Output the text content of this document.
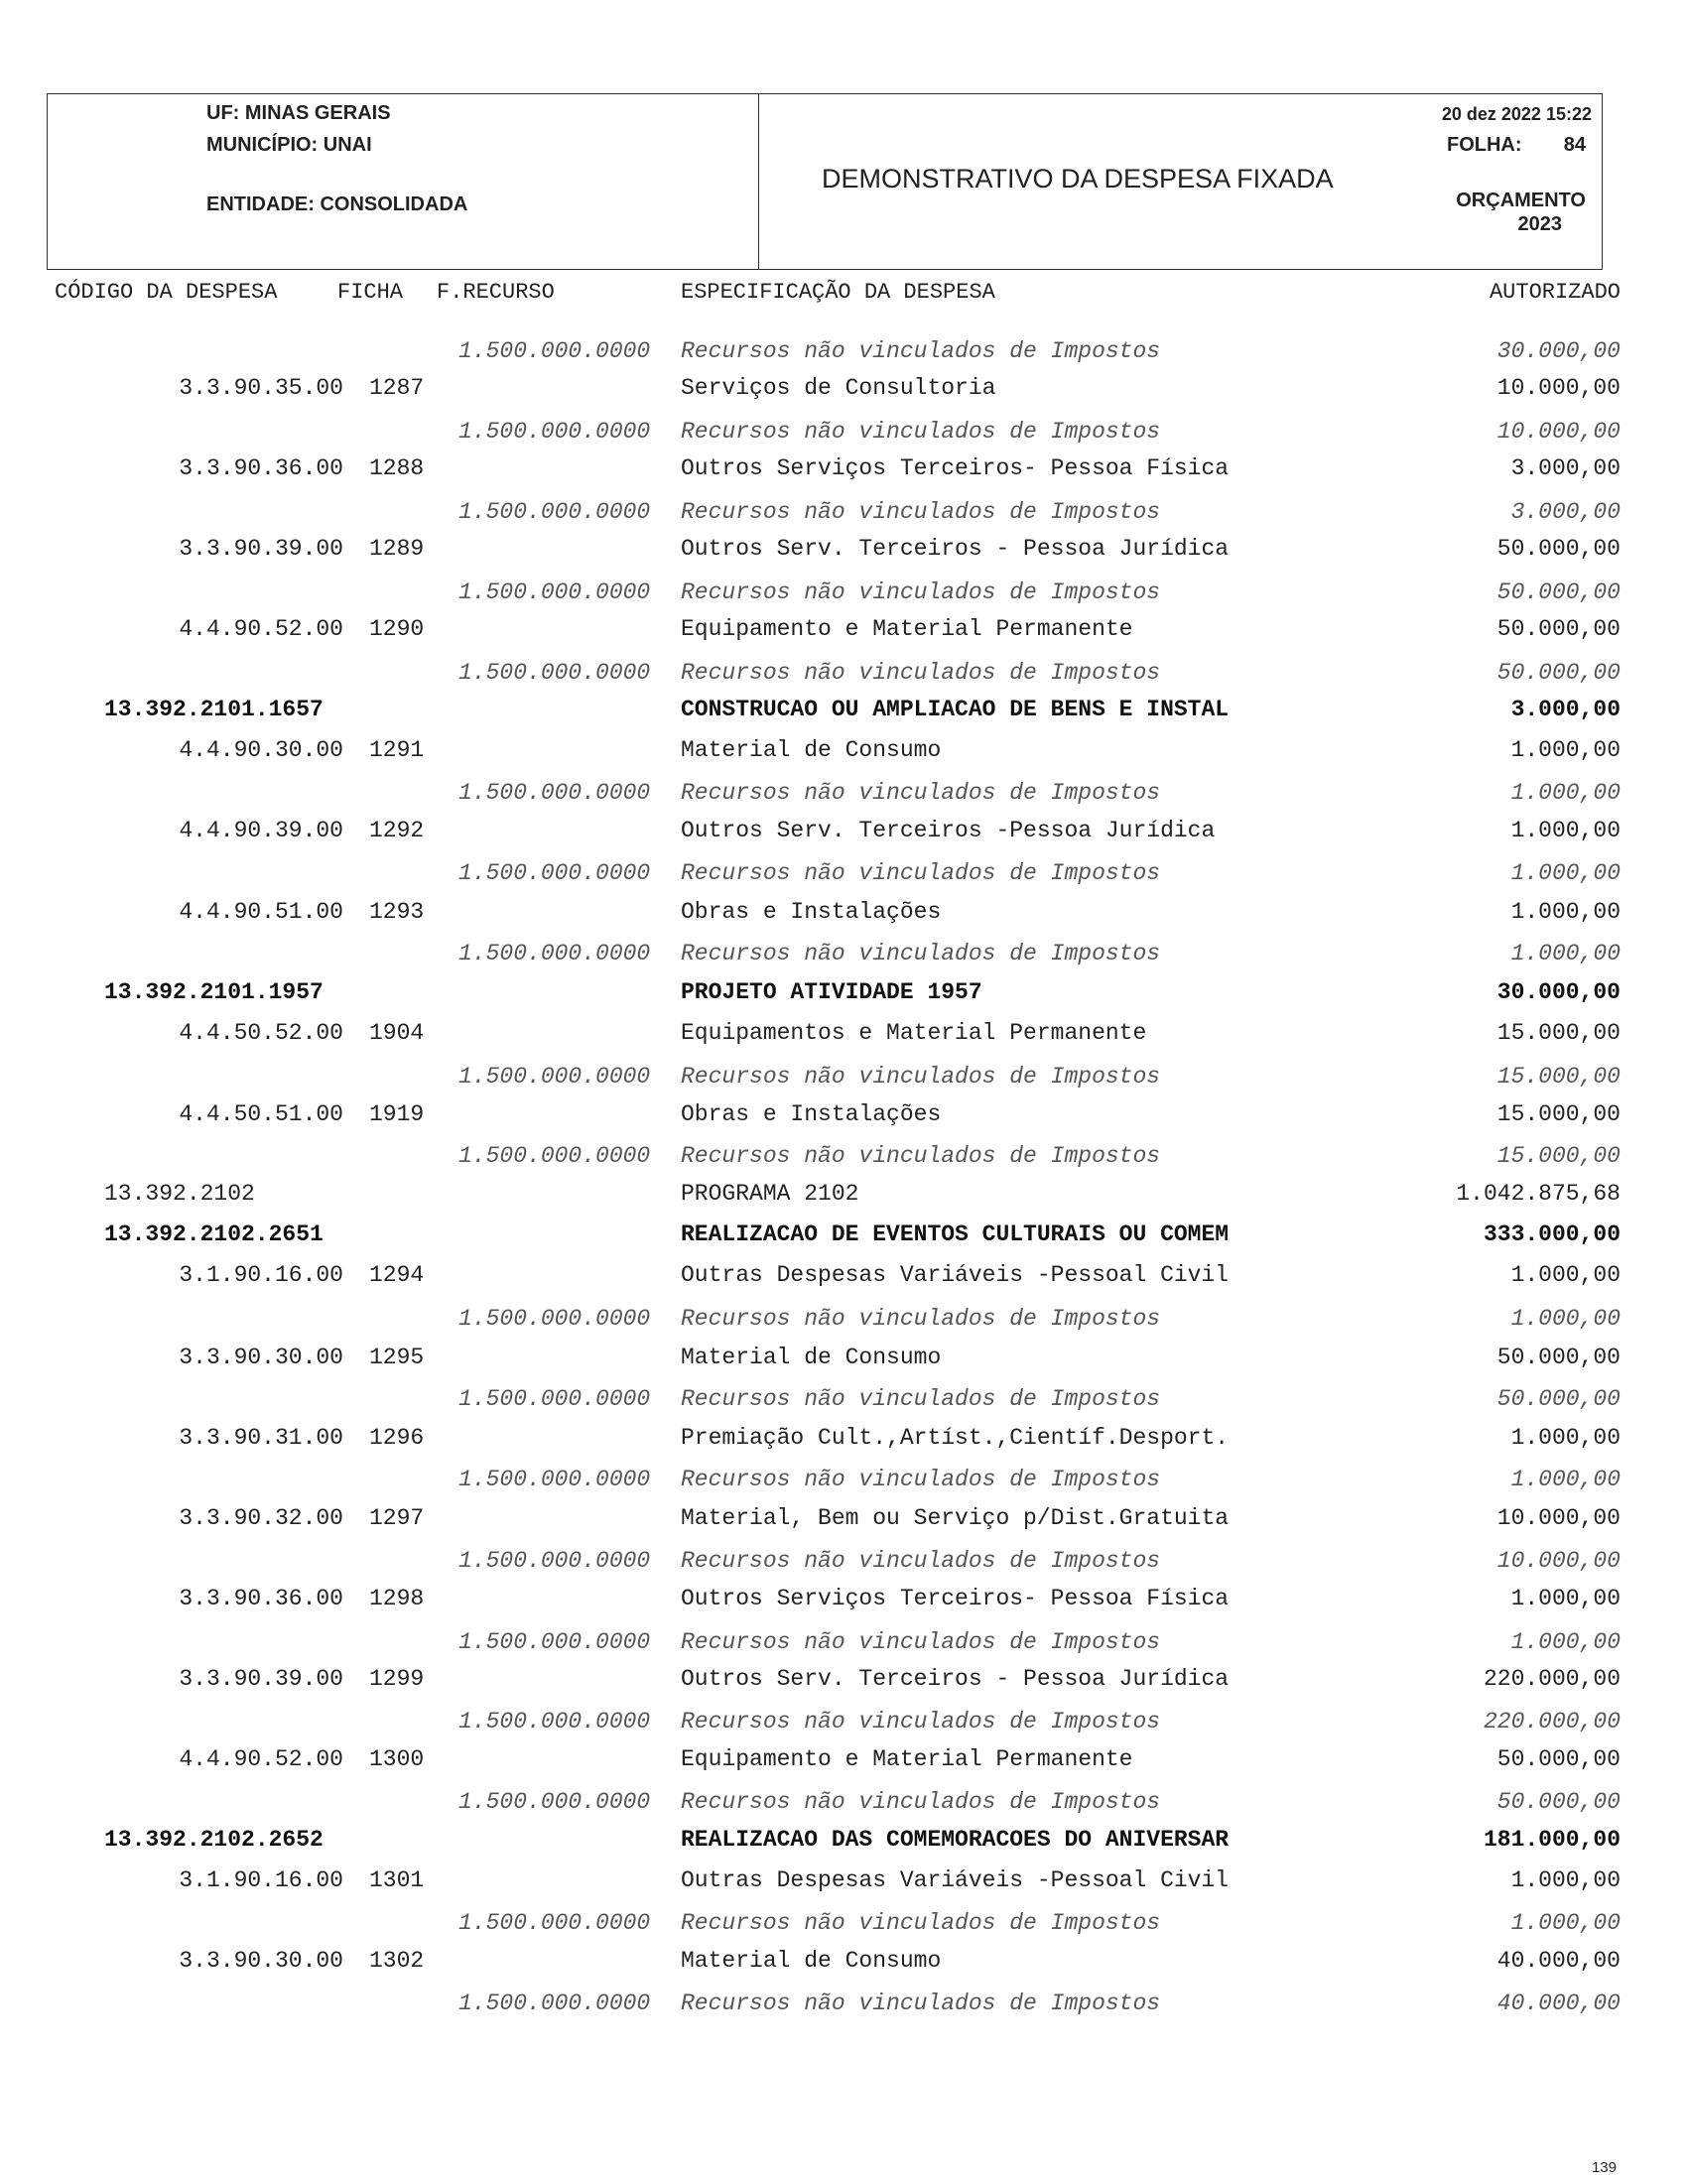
UF: MINAS GERAIS
MUNICÍPIO: UNAI
ENTIDADE: CONSOLIDADA
DEMONSTRATIVO DA DESPESA FIXADA
20 dez 2022 15:22
FOLHA: 84
ORÇAMENTO
2023
CÓDIGO DA DESPESA	FICHA F.RECURSO	ESPECIFICAÇÃO DA DESPESA	AUTORIZADO
1.500.000.0000 Recursos não vinculados de Impostos	30.000,00
3.3.90.35.00 1287	Serviços de Consultoria	10.000,00
1.500.000.0000 Recursos não vinculados de Impostos	10.000,00
3.3.90.36.00 1288	Outros Serviços Terceiros- Pessoa Física	3.000,00
1.500.000.0000 Recursos não vinculados de Impostos	3.000,00
3.3.90.39.00 1289	Outros Serv. Terceiros - Pessoa Jurídica	50.000,00
1.500.000.0000 Recursos não vinculados de Impostos	50.000,00
4.4.90.52.00 1290	Equipamento e Material Permanente	50.000,00
1.500.000.0000 Recursos não vinculados de Impostos	50.000,00
13.392.2101.1657	CONSTRUCAO OU AMPLIACAO DE BENS E INSTAL	3.000,00
4.4.90.30.00 1291	Material de Consumo	1.000,00
1.500.000.0000 Recursos não vinculados de Impostos	1.000,00
4.4.90.39.00 1292	Outros Serv. Terceiros -Pessoa Jurídica	1.000,00
1.500.000.0000 Recursos não vinculados de Impostos	1.000,00
4.4.90.51.00 1293	Obras e Instalações	1.000,00
1.500.000.0000 Recursos não vinculados de Impostos	1.000,00
13.392.2101.1957	PROJETO ATIVIDADE 1957	30.000,00
4.4.50.52.00 1904	Equipamentos e Material Permanente	15.000,00
1.500.000.0000 Recursos não vinculados de Impostos	15.000,00
4.4.50.51.00 1919	Obras e Instalações	15.000,00
1.500.000.0000 Recursos não vinculados de Impostos	15.000,00
13.392.2102	PROGRAMA 2102	1.042.875,68
13.392.2102.2651	REALIZACAO DE EVENTOS CULTURAIS OU COMEM	333.000,00
3.1.90.16.00 1294	Outras Despesas Variáveis -Pessoal Civil	1.000,00
1.500.000.0000 Recursos não vinculados de Impostos	1.000,00
3.3.90.30.00 1295	Material de Consumo	50.000,00
1.500.000.0000 Recursos não vinculados de Impostos	50.000,00
3.3.90.31.00 1296	Premiação Cult.,Artíst.,Científ.Desport.	1.000,00
1.500.000.0000 Recursos não vinculados de Impostos	1.000,00
3.3.90.32.00 1297	Material, Bem ou Serviço p/Dist.Gratuita	10.000,00
1.500.000.0000 Recursos não vinculados de Impostos	10.000,00
3.3.90.36.00 1298	Outros Serviços Terceiros- Pessoa Física	1.000,00
1.500.000.0000 Recursos não vinculados de Impostos	1.000,00
3.3.90.39.00 1299	Outros Serv. Terceiros - Pessoa Jurídica	220.000,00
1.500.000.0000 Recursos não vinculados de Impostos	220.000,00
4.4.90.52.00 1300	Equipamento e Material Permanente	50.000,00
1.500.000.0000 Recursos não vinculados de Impostos	50.000,00
13.392.2102.2652	REALIZACAO DAS COMEMORACOES DO ANIVERSAR	181.000,00
3.1.90.16.00 1301	Outras Despesas Variáveis -Pessoal Civil	1.000,00
1.500.000.0000 Recursos não vinculados de Impostos	1.000,00
3.3.90.30.00 1302	Material de Consumo	40.000,00
1.500.000.0000 Recursos não vinculados de Impostos	40.000,00
139
